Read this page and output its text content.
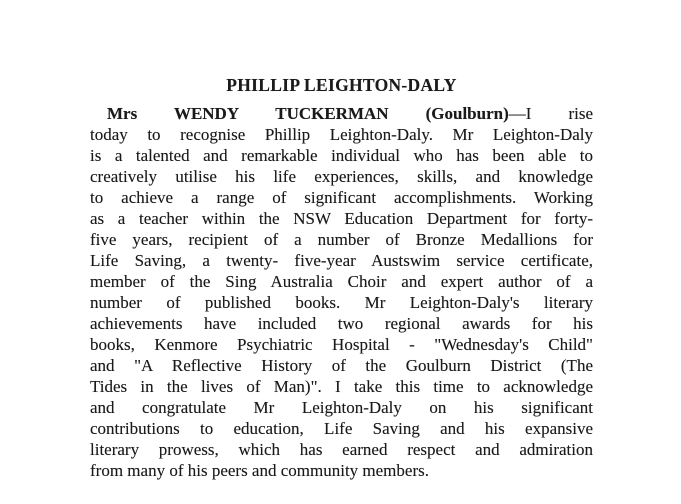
PHILLIP LEIGHTON-DALY
Mrs WENDY TUCKERMAN (Goulburn)—I rise
today to recognise Phillip Leighton-Daly. Mr Leighton-Daly
is a talented and remarkable individual who has been able to
creatively utilise his life experiences, skills, and knowledge
to achieve a range of significant accomplishments. Working
as a teacher within the NSW Education Department for forty-
five years, recipient of a number of Bronze Medallions for
Life Saving, a twenty- five-year Austswim service certificate,
member of the Sing Australia Choir and expert author of a
number of published books. Mr Leighton-Daly's literary
achievements have included two regional awards for his
books, Kenmore Psychiatric Hospital - "Wednesday's Child"
and "A Reflective History of the Goulburn District (The
Tides in the lives of Man)". I take this time to acknowledge
and congratulate Mr Leighton-Daly on his significant
contributions to education, Life Saving and his expansive
literary prowess, which has earned respect and admiration
from many of his peers and community members.
